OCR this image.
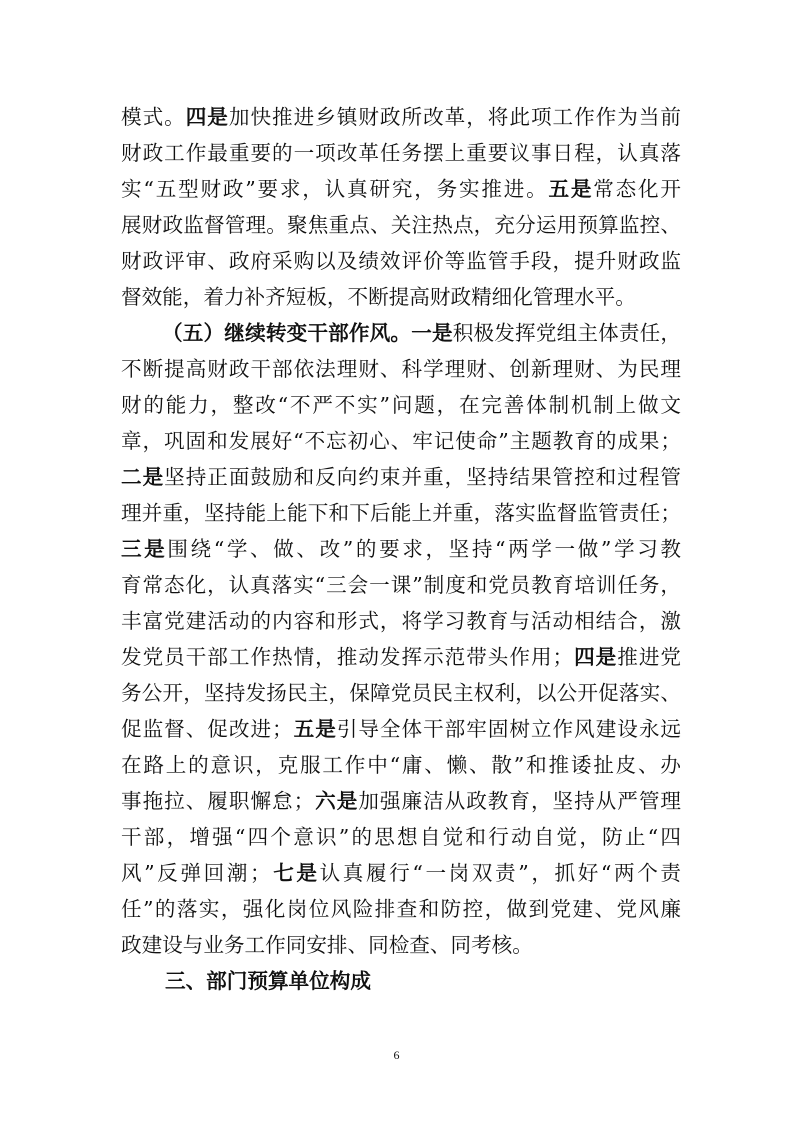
模式。四是加快推进乡镇财政所改革，将此项工作作为当前
财政工作最重要的一项改革任务摆上重要议事日程，认真落
实“五型财政”要求，认真研究，务实推进。五是常态化开
展财政监督管理。聚焦重点、关注热点，充分运用预算监控、
财政评审、政府采购以及绩效评价等监管手段，提升财政监
督效能，着力补齐短板，不断提高财政精细化管理水平。
（五）继续转变干部作风。一是积极发挥党组主体责任，
不断提高财政干部依法理财、科学理财、创新理财、为民理
财的能力，整改“不严不实”问题，在完善体制机制上做文
章，巩固和发展好“不忘初心、牢记使命”主题教育的成果；
二是坚持正面鼓励和反向约束并重，坚持结果管控和过程管
理并重，坚持能上能下和下后能上并重，落实监督监管责任；
三是围绕“学、做、改”的要求，坚持“两学一做”学习教
育常态化，认真落实“三会一课”制度和党员教育培训任务，
丰富党建活动的内容和形式，将学习教育与活动相结合，激
发党员干部工作热情，推动发挥示范带头作用；四是推进党
务公开，坚持发扬民主，保障党员民主权利，以公开促落实、
促监督、促改进；五是引导全体干部牢固树立作风建设永远
在路上的意识，克服工作中“庸、懒、散”和推诿扯皮、办
事拖拉、履职懈怠；六是加强廉洁从政教育，坚持从严管理
干部，增强“四个意识”的思想自觉和行动自觉，防止“四
风”反弹回潮；七是认真履行“一岗双责”，抓好“两个责
任”的落实，强化岗位风险排查和防控，做到党建、党风廉
政建设与业务工作同安排、同检查、同考核。
三、部门预算单位构成
6
